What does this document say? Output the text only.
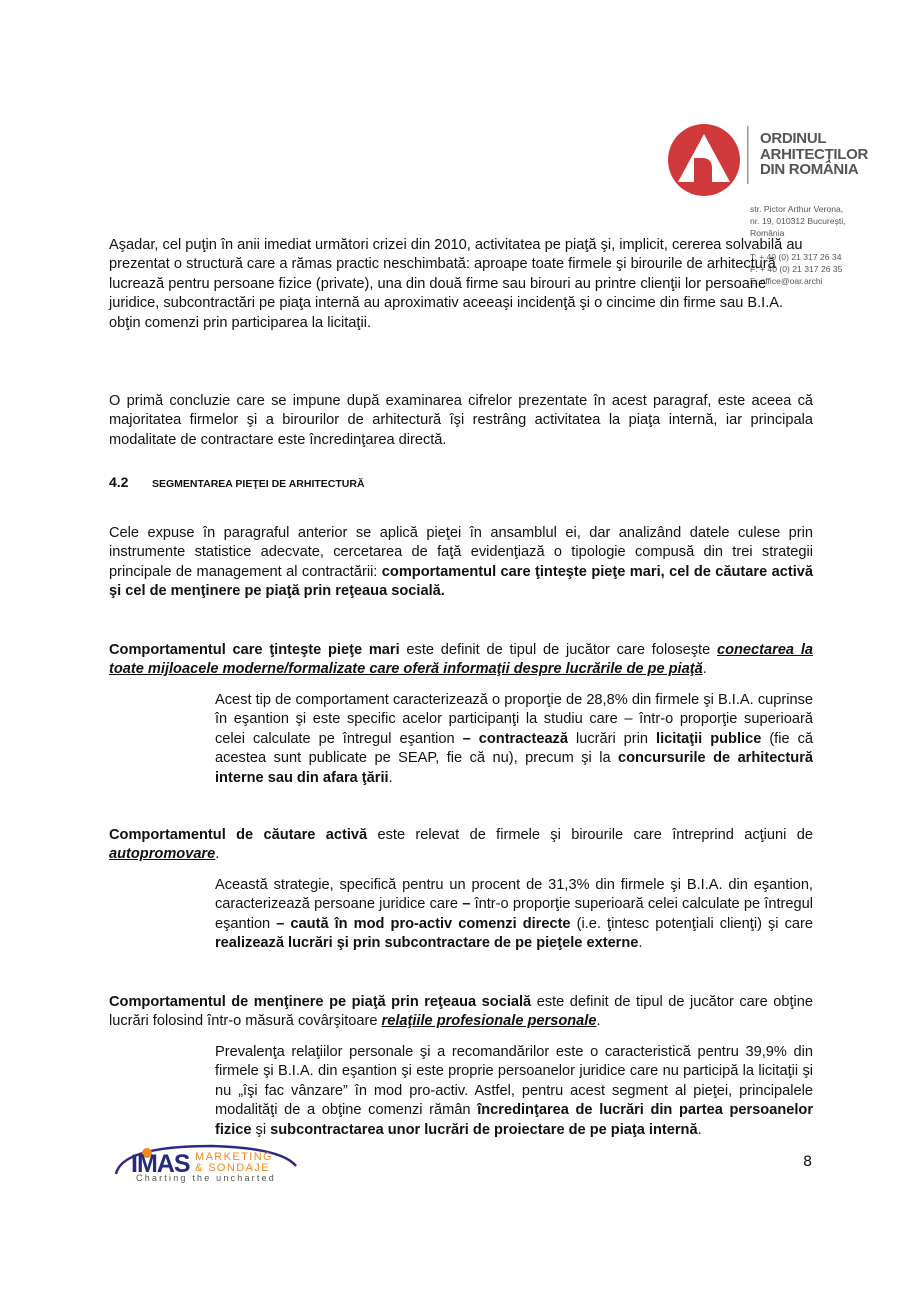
ORDINUL
ARHITECȚILOR
DIN ROMÂNIA
str. Pictor Arthur Verona,
nr. 19, 010312 București,
România
T: + 40 (0) 21 317 26 34
F: + 40 (0) 21 317 26 35
E: office@oar.archi

Aşadar, cel puţin în anii imediat următori crizei din 2010, activitatea pe piaţă şi, implicit, cererea solvabilă au prezentat o structură care a rămas practic neschimbată: aproape toate firmele şi birourile de arhitectură lucrează pentru persoane fizice (private), una din două firme sau birouri au printre clienţii lor persoane juridice, subcontractări pe piaţa internă au aproximativ aceeaşi incidenţă şi o cincime din firme sau B.I.A. obţin comenzi prin participarea la licitaţii.

O primă concluzie care se impune după examinarea cifrelor prezentate în acest paragraf, este aceea că majoritatea firmelor şi a birourilor de arhitectură îşi restrâng activitatea la piaţa internă, iar principala modalitate de contractare este încredinţarea directă.

4.2 SEGMENTAREA PIEŢEI DE ARHITECTURĂ

Cele expuse în paragraful anterior se aplică pieţei în ansamblul ei, dar analizând datele culese prin instrumente statistice adecvate, cercetarea de faţă evidenţiază o tipologie compusă din trei strategii principale de management al contractării: comportamentul care ţinteşte pieţe mari, cel de căutare activă şi cel de menţinere pe piaţă prin reţeaua socială.

Comportamentul care ţinteşte pieţe mari este definit de tipul de jucător care foloseşte conectarea la toate mijloacele moderne/formalizate care oferă informaţii despre lucrările de pe piaţă.

Acest tip de comportament caracterizează o proporţie de 28,8% din firmele şi B.I.A. cuprinse în eşantion şi este specific acelor participanţi la studiu care – într-o proporţie superioară celei calculate pe întregul eşantion – contractează lucrări prin licitaţii publice (fie că acestea sunt publicate pe SEAP, fie că nu), precum şi la concursurile de arhitectură interne sau din afara ţării.

Comportamentul de căutare activă este relevat de firmele şi birourile care întreprind acţiuni de autopromovare.

Această strategie, specifică pentru un procent de 31,3% din firmele şi B.I.A. din eşantion, caracterizează persoane juridice care – într-o proporţie superioară celei calculate pe întregul eşantion – caută în mod pro-activ comenzi directe (i.e. ţintesc potenţiali clienţi) şi care realizează lucrări şi prin subcontractare de pe pieţele externe.

Comportamentul de menţinere pe piaţă prin reţeaua socială este definit de tipul de jucător care obţine lucrări folosind într-o măsură covârşitoare relaţiile profesionale personale.

Prevalenţa relaţiilor personale şi a recomandărilor este o caracteristică pentru 39,9% din firmele şi B.I.A. din eşantion şi este proprie persoanelor juridice care nu participă la licitaţii şi nu „îşi fac vânzare” în mod pro-activ. Astfel, pentru acest segment al pieţei, principalele modalităţi de a obţine comenzi rămân încredinţarea de lucrări din partea persoanelor fizice şi subcontractarea unor lucrări de proiectare de pe piaţa internă.

IMAS MARKETING
& SONDAJE
Charting the uncharted
8
